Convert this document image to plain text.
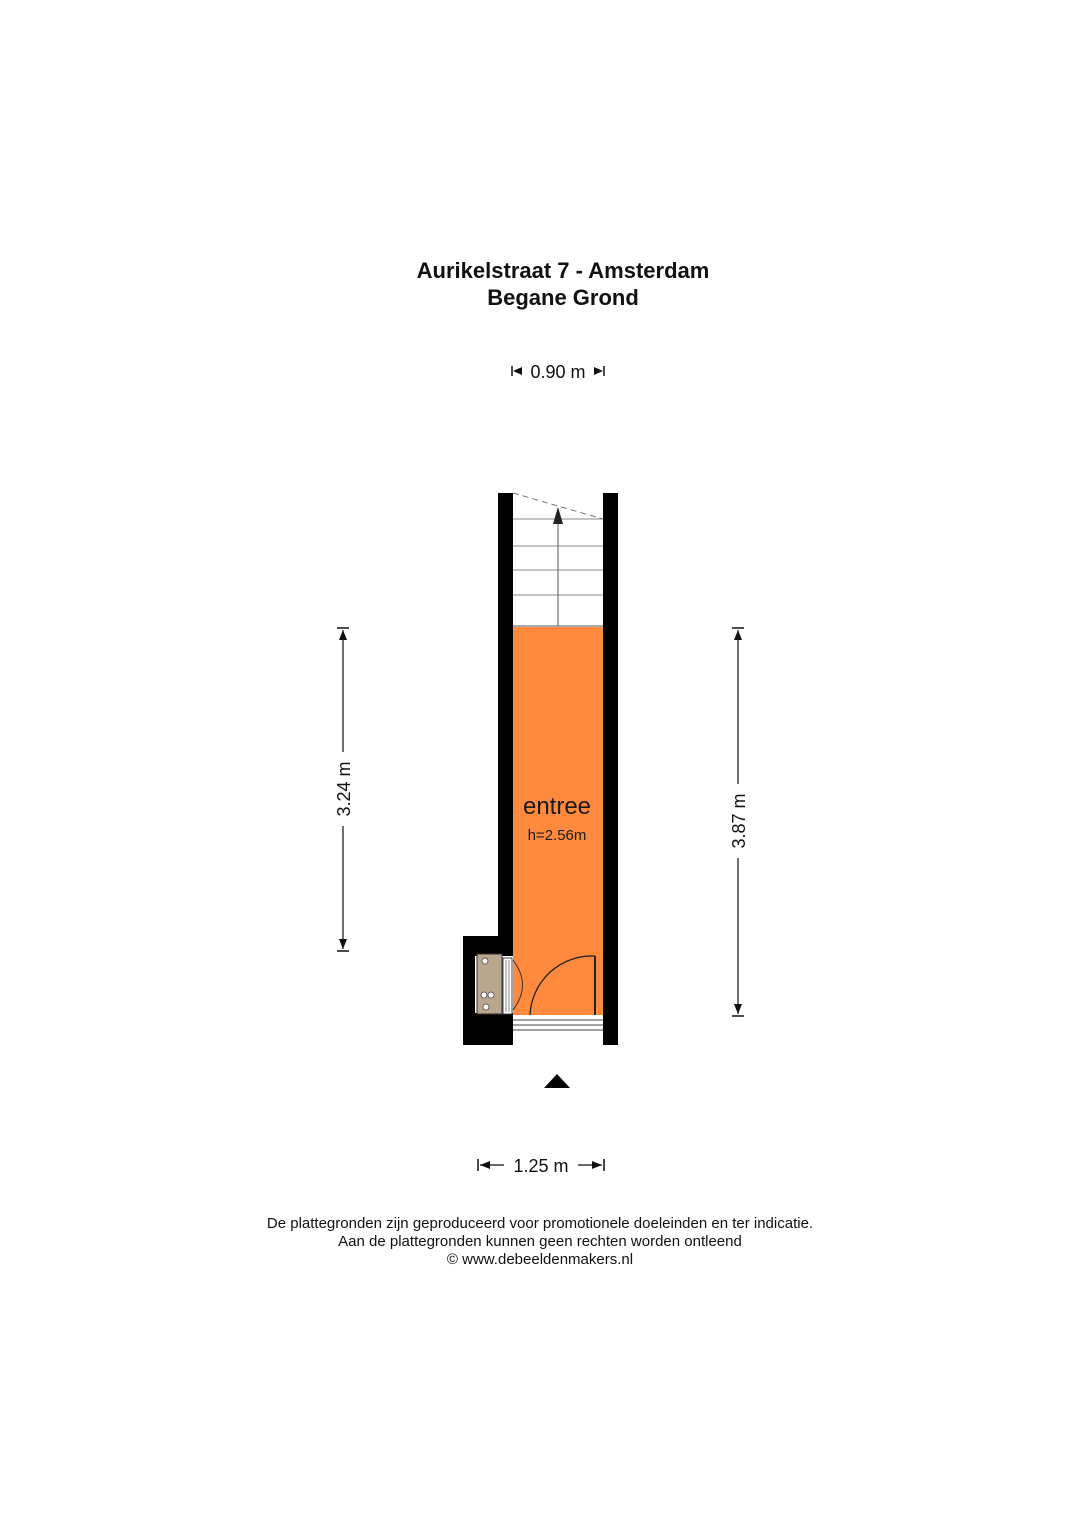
Aurikelstraat 7 - Amsterdam
Begane Grond
0.90 m
entree
h=2.56m
3.24 m
3.87 m
1.25 m
De plattegronden zijn geproduceerd voor promotionele doeleinden en ter indicatie.
Aan de plattegronden kunnen geen rechten worden ontleend
© www.debeeldenmakers.nl
